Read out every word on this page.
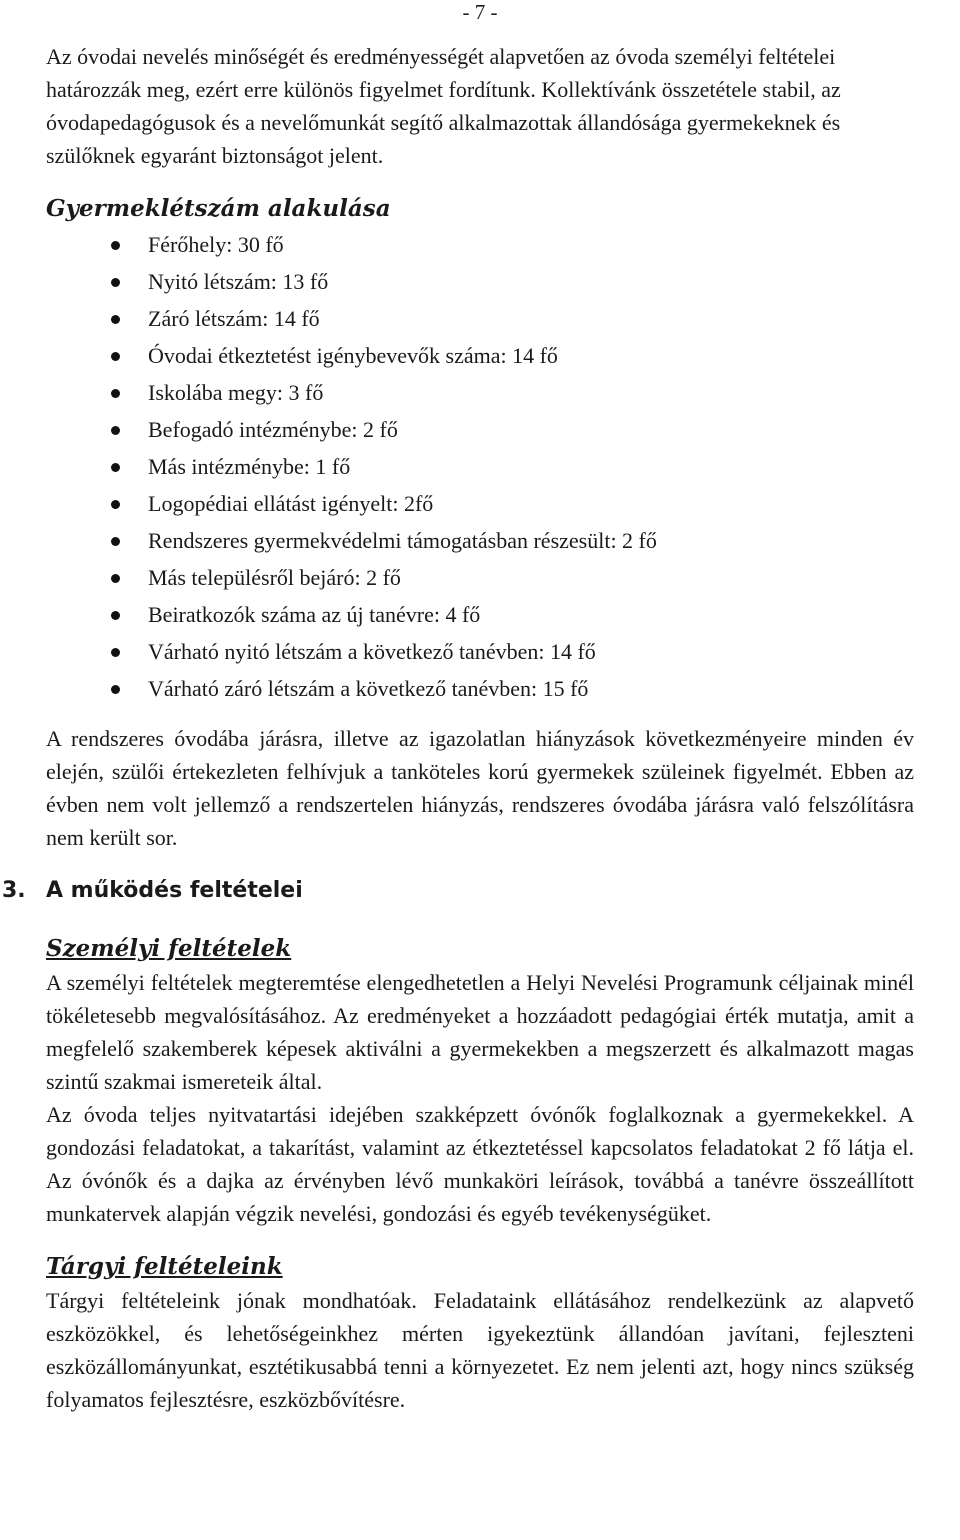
- 7 -

Az óvodai nevelés minőségét és eredményességét alapvetően az óvoda személyi feltételei határozzák meg, ezért erre különös figyelmet fordítunk. Kollektívánk összetétele stabil, az óvodapedagógusok és a nevelőmunkát segítő alkalmazottak állandósága gyermekeknek és szülőknek egyaránt biztonságot jelent.

Gyermeklétszám alakulása
Férőhely: 30 fő
Nyitó létszám: 13 fő
Záró létszám: 14 fő
Óvodai étkeztetést igénybevevők száma: 14 fő
Iskolába megy: 3 fő
Befogadó intézménybe: 2 fő
Más intézménybe: 1 fő
Logopédiai ellátást igényelt: 2fő
Rendszeres gyermekvédelmi támogatásban részesült: 2 fő
Más településről bejáró: 2 fő
Beiratkozók száma az új tanévre: 4 fő
Várható nyitó létszám a következő tanévben: 14 fő
Várható záró létszám a következő tanévben: 15 fő

A rendszeres óvodába járásra, illetve az igazolatlan hiányzások következményeire minden év elején, szülői értekezleten felhívjuk a tanköteles korú gyermekek szüleinek figyelmét. Ebben az évben nem volt jellemző a rendszertelen hiányzás, rendszeres óvodába járásra való felszólításra nem került sor.

3. A működés feltételei
Személyi feltételek

A személyi feltételek megteremtése elengedhetetlen a Helyi Nevelési Programunk céljainak minél tökéletesebb megvalósításához. Az eredményeket a hozzáadott pedagógiai érték mutatja, amit a megfelelő szakemberek képesek aktiválni a gyermekekben a megszerzett és alkalmazott magas szintű szakmai ismereteik által.

Az óvoda teljes nyitvatartási idejében szakképzett óvónők foglalkoznak a gyermekekkel. A gondozási feladatokat, a takarítást, valamint az étkeztetéssel kapcsolatos feladatokat 2 fő látja el. Az óvónők és a dajka az érvényben lévő munkaköri leírások, továbbá a tanévre összeállított munkatervek alapján végzik nevelési, gondozási és egyéb tevékenységüket.

Tárgyi feltételeink

Tárgyi feltételeink jónak mondhatóak. Feladataink ellátásához rendelkezünk az alapvető eszközökkel, és lehetőségeinkhez mérten igyekeztünk állandóan javítani, fejleszteni eszközállományunkat, esztétikusabbá tenni a környezetet. Ez nem jelenti azt, hogy nincs szükség folyamatos fejlesztésre, eszközbővítésre.
